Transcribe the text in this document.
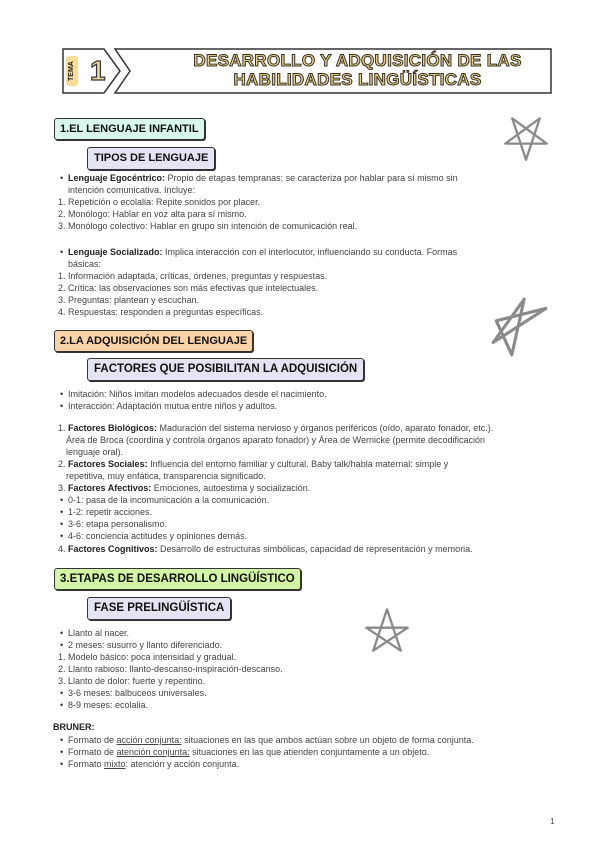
TEMA 1	DESARROLLO Y ADQUISICIÓN DE LAS
HABILIDADES LINGÜÍSTICAS
1.EL LENGUAJE INFANTIL
TIPOS DE LENGUAJE
• Lenguaje Egocéntrico: Propio de etapas tempranas; se caracteriza por hablar para sí mismo sin
intención comunicativa. Incluye:
1. Repetición o ecolalia: Repite sonidos por placer.
2. Monólogo: Hablar en voz alta para sí mismo.
3. Monólogo colectivo: Hablar en grupo sin intención de comunicación real.
• Lenguaje Socializado: Implica interacción con el interlocutor, influenciando su conducta. Formas
básicas:
1. Información adaptada, críticas, órdenes, preguntas y respuestas.
2. Crítica: las observaciones son más efectivas que intelectuales.
3. Preguntas: plantean y escuchan.
4. Respuestas: responden a preguntas específicas.
2.LA ADQUISICIÓN DEL LENGUAJE
FACTORES QUE POSIBILITAN LA ADQUISICIÓN
• Imitación: Niños imitan modelos adecuados desde el nacimiento.
• Interacción: Adaptación mutua entre niños y adultos.
1. Factores Biológicos: Maduración del sistema nervioso y órganos periféricos (oído, aparato fonador, etc.).
Área de Broca (coordina y controla órganos aparato fonador) y Área de Wernicke (permite decodificación
lenguaje oral).
2. Factores Sociales: Influencia del entorno familiar y cultural. Baby talk/habla maternal: simple y
repetitiva, muy enfática, transparencia significado.
3. Factores Afectivos: Emociones, autoestima y socialización.
• 0-1: pasa de la incomunicación a la comunicación.
• 1-2: repetir acciones.
• 3-6: etapa personalismo.
• 4-6: conciencia actitudes y opiniones demás.
4. Factores Cognitivos: Desarrollo de estructuras simbólicas, capacidad de representación y memoria.
3.ETAPAS DE DESARROLLO LINGÜÍSTICO
FASE PRELINGÜÍSTICA
• Llanto al nacer.
• 2 meses: susurro y llanto diferenciado.
1. Modelo básico: poca intensidad y gradual.
2. Llanto rabioso: llanto-descanso-inspiración-descanso.
3. Llanto de dolor: fuerte y repentino.
• 3-6 meses: balbuceos universales.
• 8-9 meses: ecolalia.
BRUNER:
• Formato de acción conjunta: situaciones en las que ambos actúan sobre un objeto de forma conjunta.
• Formato de atención conjunta: situaciones en las que atienden conjuntamente a un objeto.
• Formato mixto: atención y acción conjunta.
1
